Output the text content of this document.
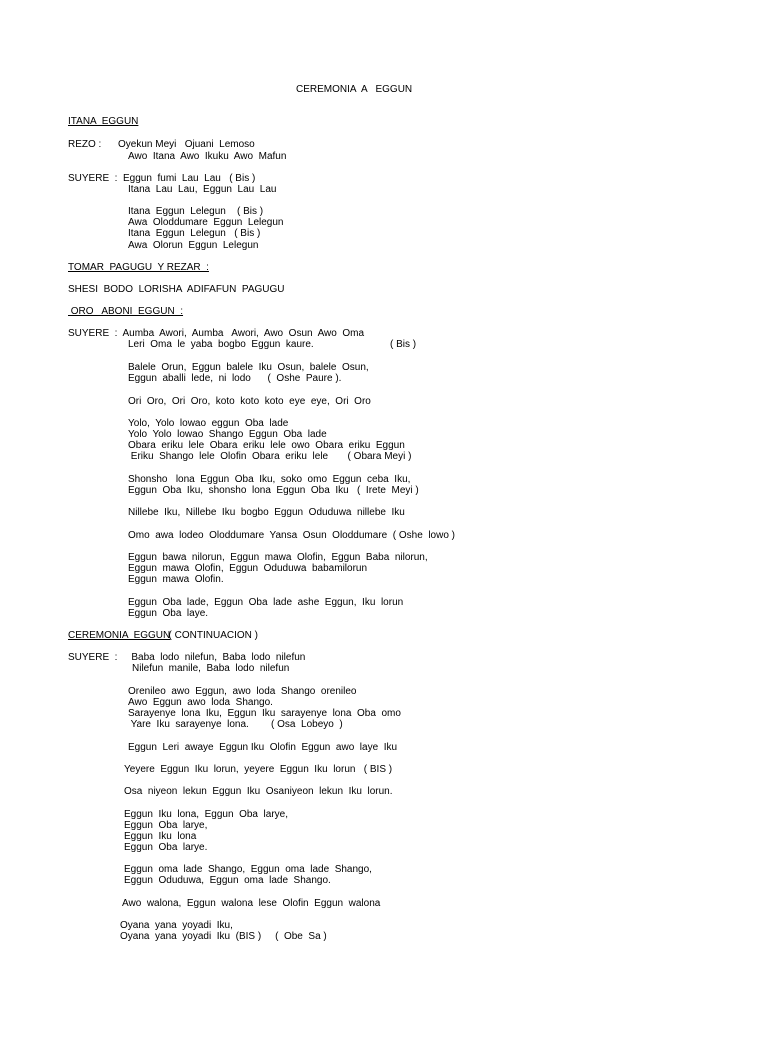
CEREMONIA  A   EGGUN

ITANA  EGGUN

REZO :      Oyekun Meyi   Ojuani  Lemoso

Awo  Itana  Awo  Ikuku  Awo  Mafun

SUYERE  :  Eggun  fumi  Lau  Lau   ( Bis )

Itana  Lau  Lau,  Eggun  Lau  Lau

Itana  Eggun  Lelegun    ( Bis )

Awa  Oloddumare  Eggun  Lelegun

Itana  Eggun  Lelegun   ( Bis )

Awa  Olorun  Eggun  Lelegun

TOMAR  PAGUGU  Y REZAR  :

SHESI  BODO  LORISHA  ADIFAFUN  PAGUGU

ORO   ABONI  EGGUN  :

SUYERE  :  Aumba  Awori,  Aumba   Awori,  Awo  Osun  Awo  Oma

Leri  Oma  le  yaba  bogbo  Eggun  kaure.	( Bis )

Balele  Orun,  Eggun  balele  Iku  Osun,  balele  Osun,

Eggun  aballi  lede,  ni  lodo      (  Oshe  Paure ).

Ori  Oro,  Ori  Oro,  koto  koto  koto  eye  eye,  Ori  Oro

Yolo,  Yolo  lowao  eggun  Oba  lade

Yolo  Yolo  lowao  Shango  Eggun  Oba  lade

Obara  eriku  lele  Obara  eriku  lele  owo  Obara  eriku  Eggun

Eriku  Shango  lele  Olofin  Obara  eriku  lele       ( Obara Meyi )

Shonsho   lona  Eggun  Oba  Iku,  soko  omo  Eggun  ceba  Iku,

Eggun  Oba  Iku,  shonsho  lona  Eggun  Oba  Iku   (  Irete  Meyi )

Nillebe  Iku,  Nillebe  Iku  bogbo  Eggun  Oduduwa  nillebe  Iku

Omo  awa  lodeo  Oloddumare  Yansa  Osun  Oloddumare  ( Oshe  lowo )

Eggun  bawa  nilorun,  Eggun  mawa  Olofin,  Eggun  Baba  nilorun,

Eggun  mawa  Olofin,  Eggun  Oduduwa  babamilorun

Eggun  mawa  Olofin.

Eggun  Oba  lade,  Eggun  Oba  lade  ashe  Eggun,  Iku  lorun

Eggun  Oba  laye.

CEREMONIA  EGGUN

( CONTINUACION )

SUYERE  :     Baba  lodo  nilefun,  Baba  lodo  nilefun

Nilefun  manile,  Baba  lodo  nilefun

Orenileo  awo  Eggun,  awo  loda  Shango  orenileo

Awo  Eggun  awo  loda  Shango.

Sarayenye  lona  Iku,  Eggun  Iku  sarayenye  lona  Oba  omo

Yare  Iku  sarayenye  lona.        ( Osa  Lobeyo  )

Eggun  Leri  awaye  Eggun Iku  Olofin  Eggun  awo  laye  Iku

Yeyere  Eggun  Iku  lorun,  yeyere  Eggun  Iku  lorun   ( BIS )

Osa  niyeon  lekun  Eggun  Iku  Osaniyeon  lekun  Iku  lorun.

Eggun  Iku  lona,  Eggun  Oba  larye,

Eggun  Oba  larye,

Eggun  Iku  lona

Eggun  Oba  larye.

Eggun  oma  lade  Shango,  Eggun  oma  lade  Shango,

Eggun  Oduduwa,  Eggun  oma  lade  Shango.

Awo  walona,  Eggun  walona  lese  Olofin  Eggun  walona

Oyana  yana  yoyadi  Iku,

Oyana  yana  yoyadi  Iku  (BIS )     (  Obe  Sa )
